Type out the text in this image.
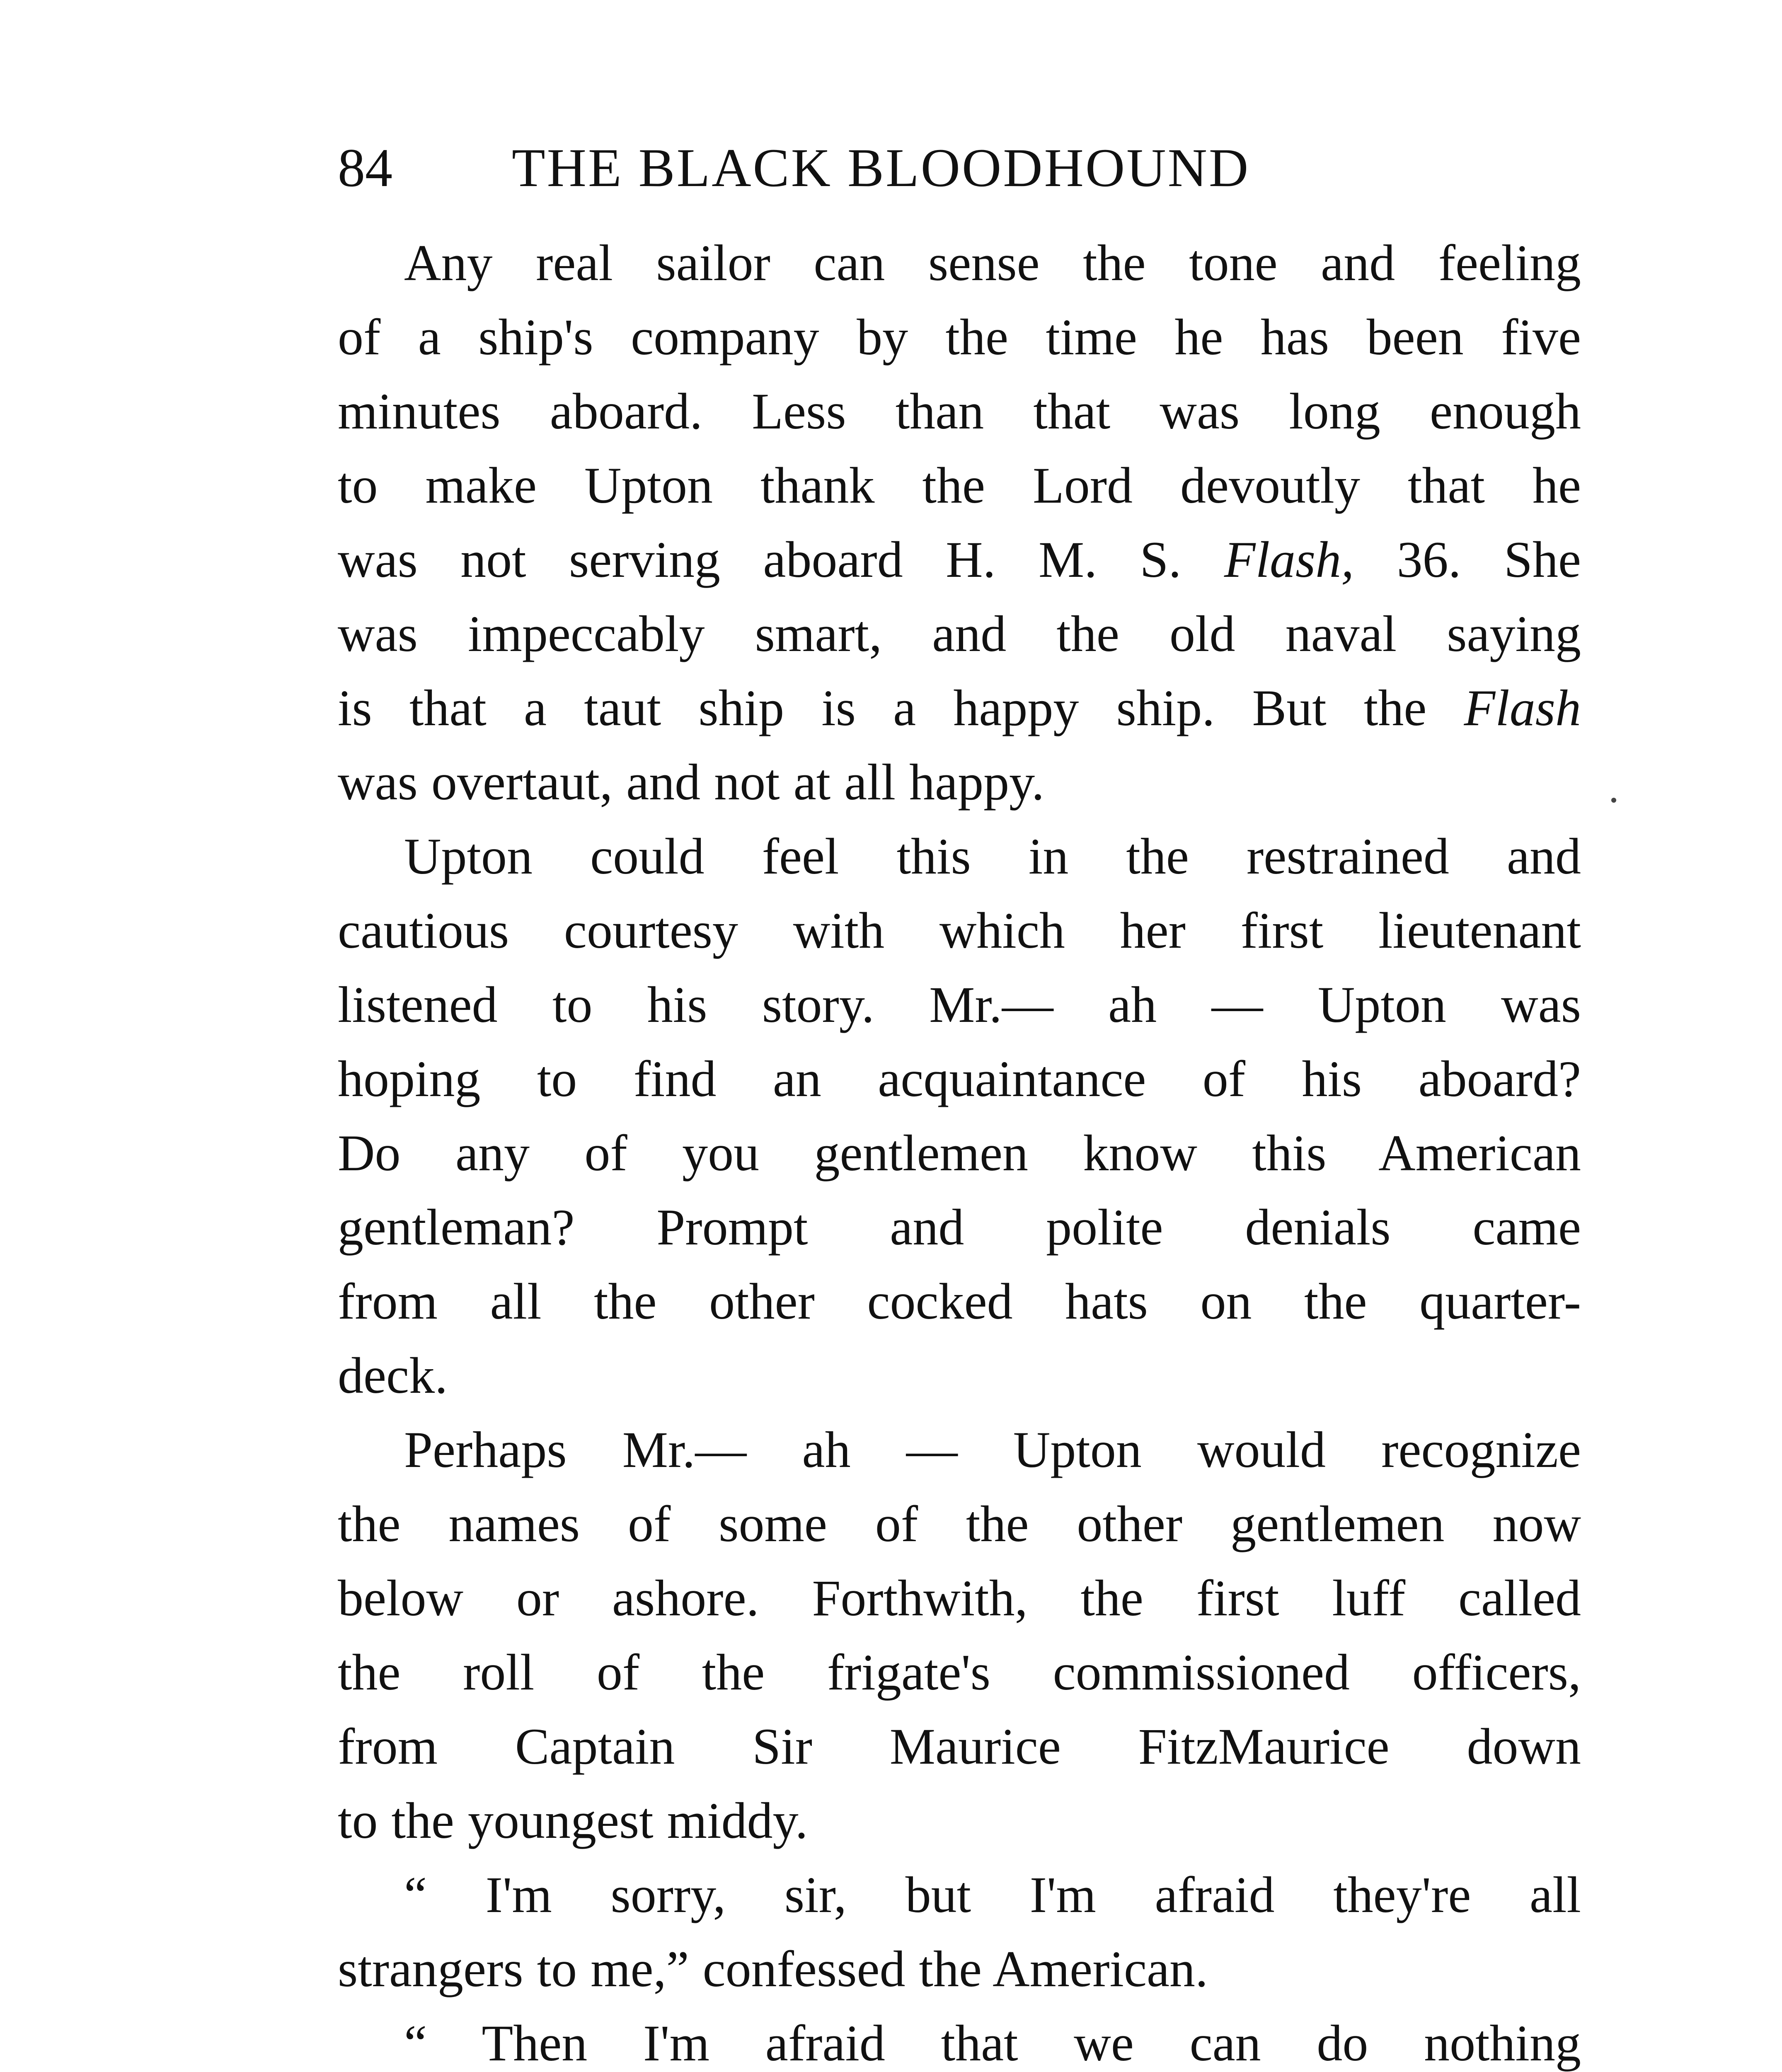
84 THE BLACK BLOODHOUND
Any real sailor can sense the tone and feeling
of a ship's company by the time he has been five
minutes aboard. Less than that was long enough
to make Upton thank the Lord devoutly that he
was not serving aboard H. M. S. Flash, 36. She
was impeccably smart, and the old naval saying
is that a taut ship is a happy ship. But the Flash
was overtaut, and not at all happy.
Upton could feel this in the restrained and
cautious courtesy with which her first lieutenant
listened to his story. Mr.— ah — Upton was
hoping to find an acquaintance of his aboard?
Do any of you gentlemen know this American
gentleman? Prompt and polite denials came
from all the other cocked hats on the quarter-
deck.
Perhaps Mr.— ah — Upton would recognize
the names of some of the other gentlemen now
below or ashore. Forthwith, the first luff called
the roll of the frigate's commissioned officers,
from Captain Sir Maurice FitzMaurice down
to the youngest middy.
“ I'm sorry, sir, but I'm afraid they're all
strangers to me,” confessed the American.
“ Then I'm afraid that we can do nothing
